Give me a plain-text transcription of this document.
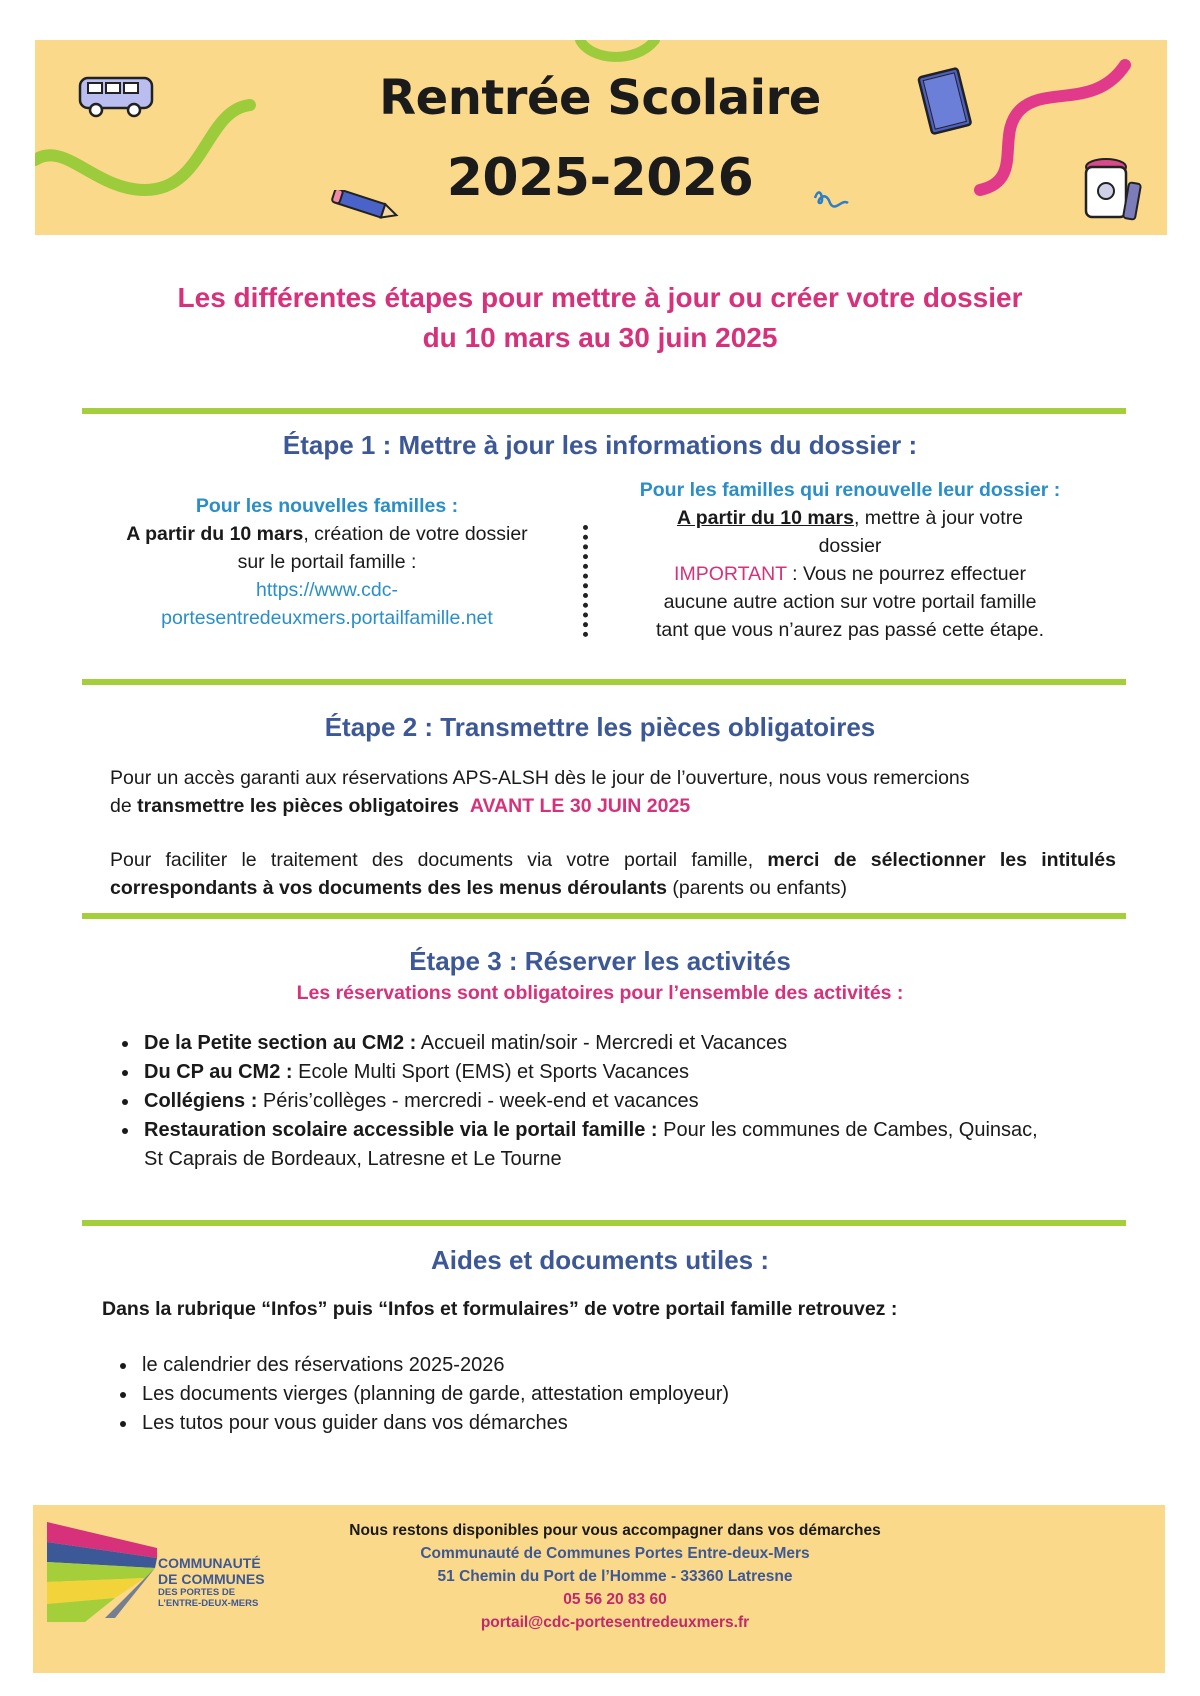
Rentrée Scolaire
2025-2026
Les différentes étapes pour mettre à jour ou créer votre dossier
du 10 mars au 30 juin 2025
Étape 1 : Mettre à jour les informations du dossier :
Pour les nouvelles familles :
A partir du 10 mars, création de votre dossier
sur le portail famille :
https://www.cdc-
portesentredeuxmers.portailfamille.net
Pour les familles qui renouvelle leur dossier :
A partir du 10 mars, mettre à jour votre
dossier
IMPORTANT : Vous ne pourrez effectuer
aucune autre action sur votre portail famille
tant que vous n’aurez pas passé cette étape.
Étape 2 : Transmettre les pièces obligatoires
Pour un accès garanti aux réservations APS-ALSH dès le jour de l’ouverture, nous vous remercions
de transmettre les pièces obligatoires AVANT LE 30 JUIN 2025
Pour faciliter le traitement des documents via votre portail famille, merci de sélectionner les intitulés correspondants à vos documents des les menus déroulants (parents ou enfants)
Étape 3 : Réserver les activités
Les réservations sont obligatoires pour l’ensemble des activités :
• De la Petite section au CM2 : Accueil matin/soir - Mercredi et Vacances
• Du CP au CM2 : Ecole Multi Sport (EMS) et Sports Vacances
• Collégiens : Péris’collèges - mercredi - week-end et vacances
• Restauration scolaire accessible via le portail famille : Pour les communes de Cambes, Quinsac, St Caprais de Bordeaux, Latresne et Le Tourne
Aides et documents utiles :
Dans la rubrique “Infos” puis “Infos et formulaires” de votre portail famille retrouvez :
• le calendrier des réservations 2025-2026
• Les documents vierges (planning de garde, attestation employeur)
• Les tutos pour vous guider dans vos démarches
COMMUNAUTÉ
DE COMMUNES
DES PORTES DE
L’ENTRE-DEUX-MERS
Nous restons disponibles pour vous accompagner dans vos démarches
Communauté de Communes Portes Entre-deux-Mers
51 Chemin du Port de l’Homme - 33360 Latresne
05 56 20 83 60
portail@cdc-portesentredeuxmers.fr
